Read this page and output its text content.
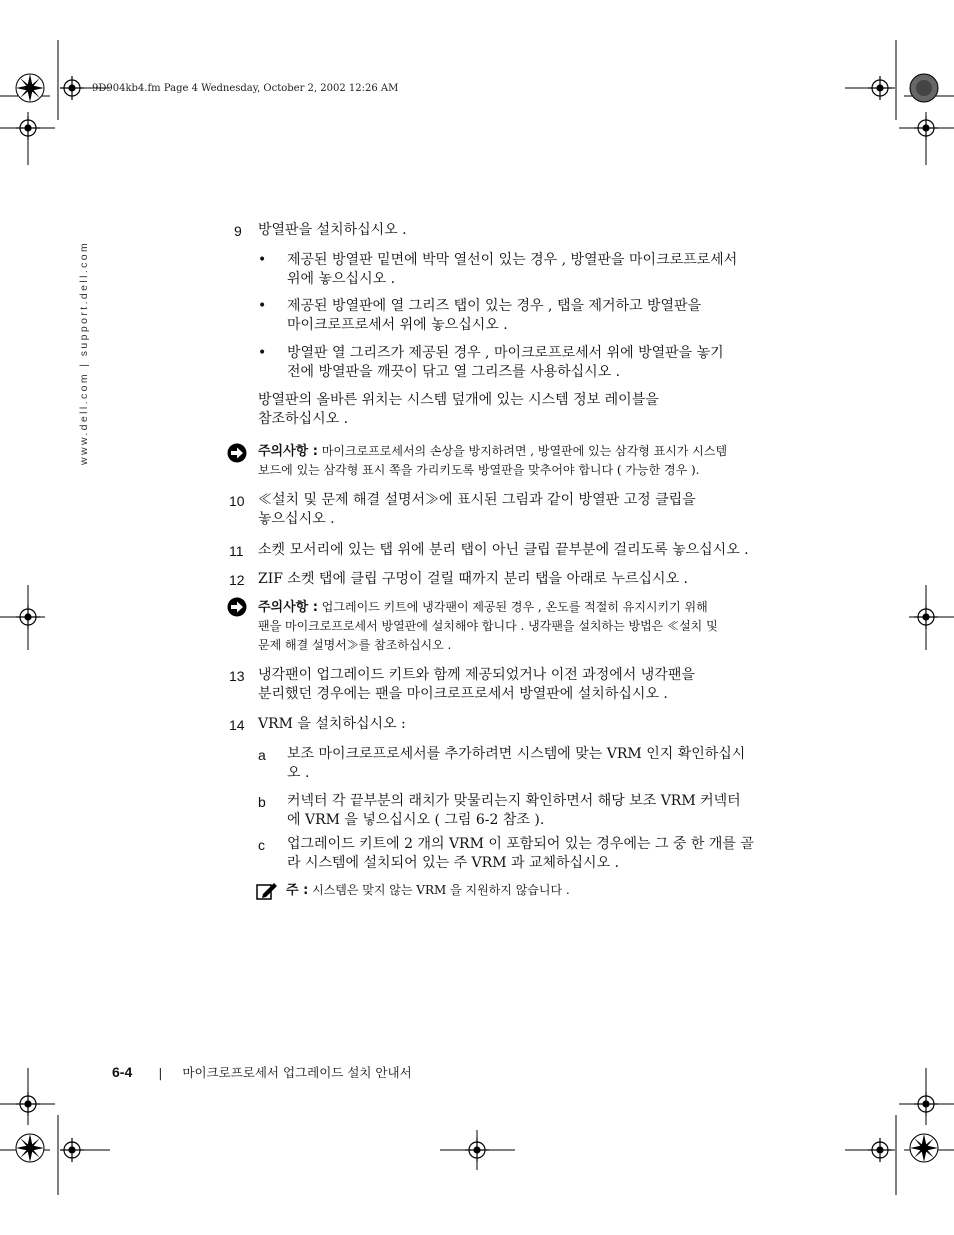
9D904kb4.fm Page 4 Wednesday, October 2, 2002 12:26 AM
www.dell.com | support.dell.com
9 방열판을 설치하십시오 .
• 제공된 방열판 밑면에 박막 열선이 있는 경우 , 방열판을 마이크로프로세서
위에 놓으십시오 .
• 제공된 방열판에 열 그리즈 탭이 있는 경우 , 탭을 제거하고 방열판을
마이크로프로세서 위에 놓으십시오 .
• 방열판 열 그리즈가 제공된 경우 , 마이크로프로세서 위에 방열판을 놓기
전에 방열판을 깨끗이 닦고 열 그리즈를 사용하십시오 .
방열판의 올바른 위치는 시스템 덮개에 있는 시스템 정보 레이블을
참조하십시오 .
주의사항 : 마이크로프로세서의 손상을 방지하려면 , 방열판에 있는 삼각형 표시가 시스템
보드에 있는 삼각형 표시 쪽을 가리키도록 방열판을 맞추어야 합니다 ( 가능한 경우 ).
10 ≪설치 및 문제 해결 설명서≫에 표시된 그림과 같이 방열판 고정 클립을
놓으십시오 .
11 소켓 모서리에 있는 탭 위에 분리 탭이 아닌 클립 끝부분에 걸리도록 놓으십시오 .
12 ZIF 소켓 탭에 클립 구멍이 걸릴 때까지 분리 탭을 아래로 누르십시오 .
주의사항 : 업그레이드 키트에 냉각팬이 제공된 경우 , 온도를 적절히 유지시키기 위해
팬을 마이크로프로세서 방열판에 설치해야 합니다 . 냉각팬을 설치하는 방법은 ≪설치 및
문제 해결 설명서≫를 참조하십시오 .
13 냉각팬이 업그레이드 키트와 함께 제공되었거나 이전 과정에서 냉각팬을
분리했던 경우에는 팬을 마이크로프로세서 방열판에 설치하십시오 .
14 VRM 을 설치하십시오 :
a 보조 마이크로프로세서를 추가하려면 시스템에 맞는 VRM 인지 확인하십시
오 .
b 커넥터 각 끝부분의 래치가 맞물리는지 확인하면서 해당 보조 VRM 커넥터
에 VRM 을 넣으십시오 ( 그림 6-2 참조 ).
c 업그레이드 키트에 2 개의 VRM 이 포함되어 있는 경우에는 그 중 한 개를 골
라 시스템에 설치되어 있는 주 VRM 과 교체하십시오 .
주 : 시스템은 맞지 않는 VRM 을 지원하지 않습니다 .
6-4 | 마이크로프로세서 업그레이드 설치 안내서
